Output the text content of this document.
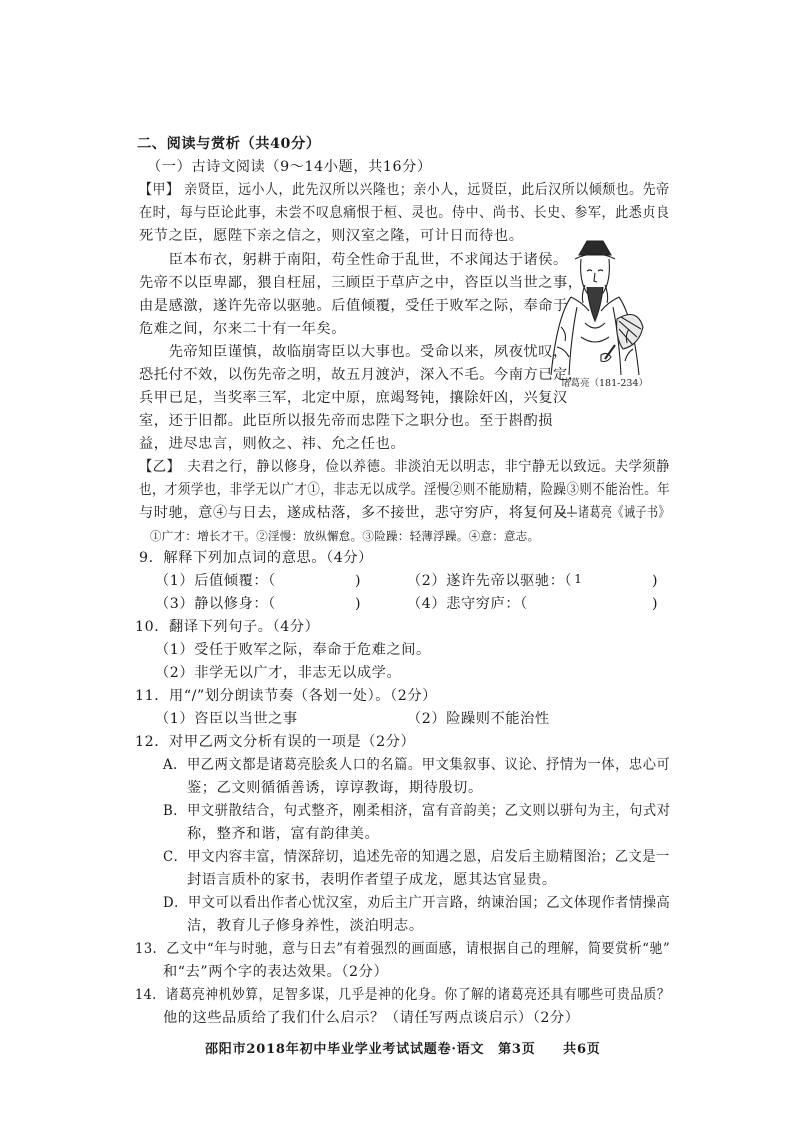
二、阅读与赏析（共40分）
（一）古诗文阅读（9～14小题，共16分）
【甲】 亲贤臣，远小人，此先汉所以兴隆也；亲小人，远贤臣，此后汉所以倾颓也。先帝
在时，每与臣论此事，未尝不叹息痛恨于桓、灵也。侍中、尚书、长史、参军，此悉贞良
死节之臣，愿陛下亲之信之，则汉室之隆，可计日而待也。
　　臣本布衣，躬耕于南阳，苟全性命于乱世，不求闻达于诸侯。
先帝不以臣卑鄙，猥自枉屈，三顾臣于草庐之中，咨臣以当世之事，
由是感激，遂许先帝以驱驰。后值倾覆，受任于败军之际，奉命于
危难之间，尔来二十有一年矣。
　　先帝知臣谨慎，故临崩寄臣以大事也。受命以来，夙夜忧叹，
恐托付不效，以伤先帝之明，故五月渡泸，深入不毛。今南方已定，
兵甲已足，当奖率三军，北定中原，庶竭驽钝，攘除奸凶，兴复汉
室，还于旧都。此臣所以报先帝而忠陛下之职分也。至于斟酌损
益，进尽忠言，则攸之、祎、允之任也。
诸葛亮（181-234）
【乙】　夫君之行，静以修身，俭以养德。非淡泊无以明志，非宁静无以致远。夫学须静
也，才须学也，非学无以广才①，非志无以成学。淫慢②则不能励精，险躁③则不能治性。年
与时驰，意④与日去，遂成枯落，多不接世，悲守穷庐，将复何及！
——诸葛亮《诫子书》
①广才：增长才干。②淫慢：放纵懈怠。③险躁：轻薄浮躁。④意：意志。
9．解释下列加点词的意思。（4分）
（1）后值倾覆：（	)	（2）遂许先帝以驱驰：（ 1	)
（3）静以修身：（	)	（4）悲守穷庐：（	)
10．翻译下列句子。（4分）
（1）受任于败军之际，奉命于危难之间。
（2）非学无以广才，非志无以成学。
11．用“/”划分朗读节奏（各划一处）。（2分）
（1）咨臣以当世之事	（2）险躁则不能治性
12．对甲乙两文分析有误的一项是（2分）
A．甲乙两文都是诸葛亮脍炙人口的名篇。甲文集叙事、议论、抒情为一体，忠心可
鉴；乙文则循循善诱，谆谆教诲，期待殷切。
B．甲文骈散结合，句式整齐，刚柔相济，富有音韵美；乙文则以骈句为主，句式对
称，整齐和谐，富有韵律美。
C．甲文内容丰富，情深辞切，追述先帝的知遇之恩，启发后主励精图治；乙文是一
封语言质朴的家书，表明作者望子成龙，愿其达官显贵。
D．甲文可以看出作者心忧汉室，劝后主广开言路，纳谏治国；乙文体现作者情操高
洁，教育儿子修身养性，淡泊明志。
13．乙文中“年与时驰，意与日去”有着强烈的画面感，请根据自己的理解，简要赏析“驰”
和“去”两个字的表达效果。（2分）
14．诸葛亮神机妙算，足智多谋，几乎是神的化身。你了解的诸葛亮还具有哪些可贵品质？
他的这些品质给了我们什么启示？（请任写两点谈启示）（2分）
邵阳市2018年初中毕业学业考试试题卷·语文　第3页　　共6页
